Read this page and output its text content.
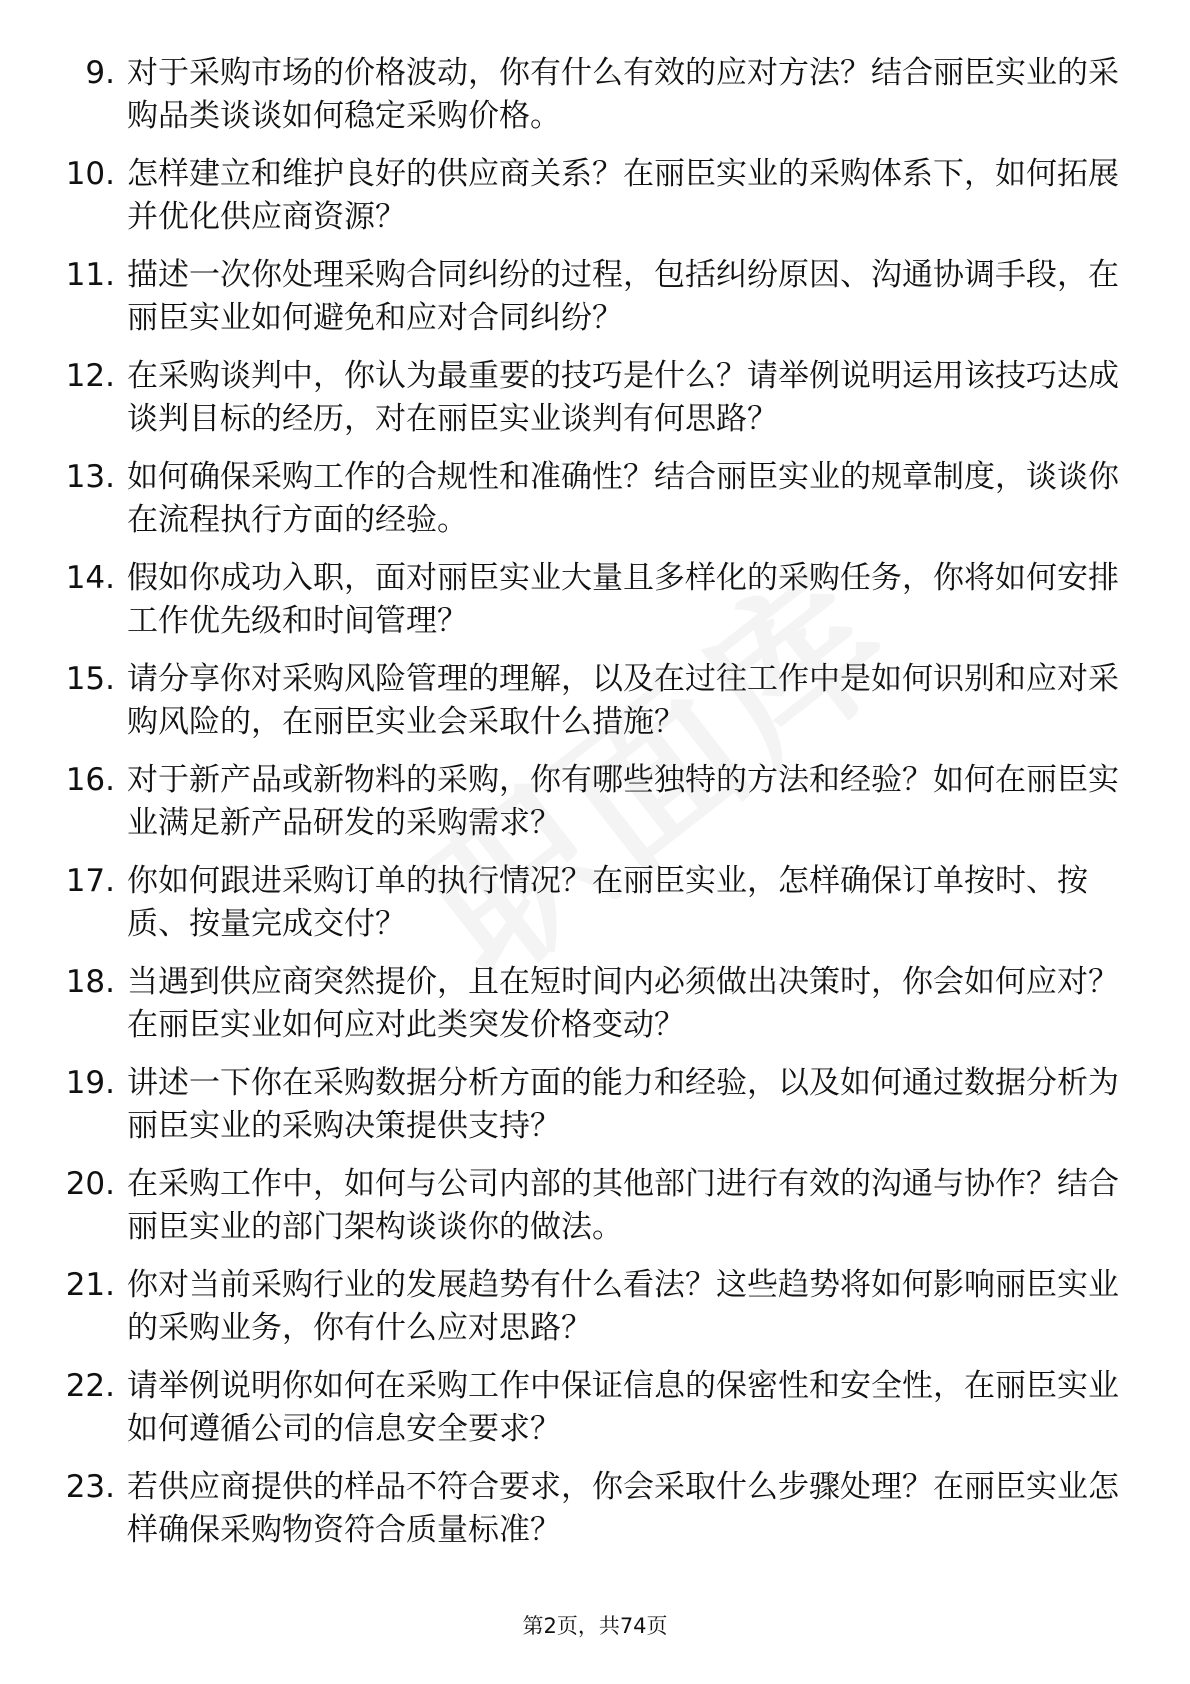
9. 对于采购市场的价格波动，你有什么有效的应对方法？结合丽臣实业的采购品类谈谈如何稳定采购价格。
10. 怎样建立和维护良好的供应商关系？在丽臣实业的采购体系下，如何拓展并优化供应商资源？
11. 描述一次你处理采购合同纠纷的过程，包括纠纷原因、沟通协调手段，在丽臣实业如何避免和应对合同纠纷？
12. 在采购谈判中，你认为最重要的技巧是什么？请举例说明运用该技巧达成谈判目标的经历，对在丽臣实业谈判有何思路？
13. 如何确保采购工作的合规性和准确性？结合丽臣实业的规章制度，谈谈你在流程执行方面的经验。
14. 假如你成功入职，面对丽臣实业大量且多样化的采购任务，你将如何安排工作优先级和时间管理？
15. 请分享你对采购风险管理的理解，以及在过往工作中是如何识别和应对采购风险的，在丽臣实业会采取什么措施？
16. 对于新产品或新物料的采购，你有哪些独特的方法和经验？如何在丽臣实业满足新产品研发的采购需求？
17. 你如何跟进采购订单的执行情况？在丽臣实业，怎样确保订单按时、按质、按量完成交付？
18. 当遇到供应商突然提价，且在短时间内必须做出决策时，你会如何应对？在丽臣实业如何应对此类突发价格变动？
19. 讲述一下你在采购数据分析方面的能力和经验，以及如何通过数据分析为丽臣实业的采购决策提供支持？
20. 在采购工作中，如何与公司内部的其他部门进行有效的沟通与协作？结合丽臣实业的部门架构谈谈你的做法。
21. 你对当前采购行业的发展趋势有什么看法？这些趋势将如何影响丽臣实业的采购业务，你有什么应对思路？
22. 请举例说明你如何在采购工作中保证信息的保密性和安全性，在丽臣实业如何遵循公司的信息安全要求？
23. 若供应商提供的样品不符合要求，你会采取什么步骤处理？在丽臣实业怎样确保采购物资符合质量标准？
第2页，共74页
